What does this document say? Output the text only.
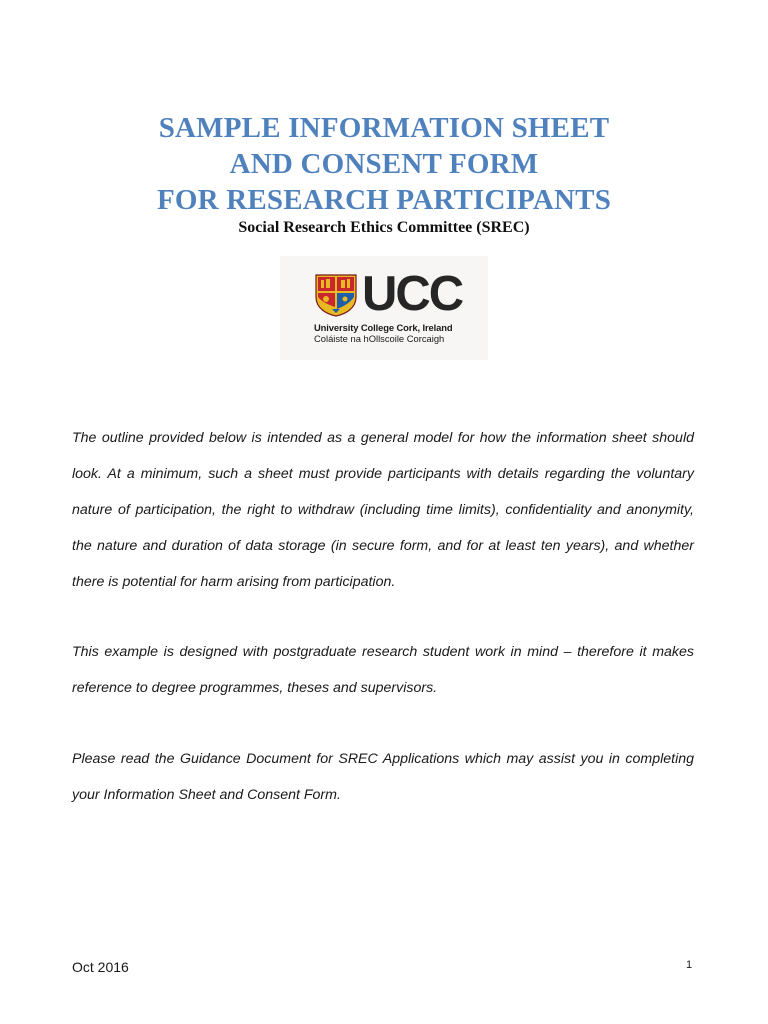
SAMPLE INFORMATION SHEET
AND CONSENT FORM
FOR RESEARCH PARTICIPANTS
Social Research Ethics Committee (SREC)
UCC
University College Cork, Ireland
Coláiste na hOllscoile Corcaigh

The outline provided below is intended as a general model for how the information sheet should look. At a minimum, such a sheet must provide participants with details regarding the voluntary nature of participation, the right to withdraw (including time limits), confidentiality and anonymity, the nature and duration of data storage (in secure form, and for at least ten years), and whether there is potential for harm arising from participation.

This example is designed with postgraduate research student work in mind – therefore it makes reference to degree programmes, theses and supervisors.

Please read the Guidance Document for SREC Applications which may assist you in completing your Information Sheet and Consent Form.

Oct 2016	1
